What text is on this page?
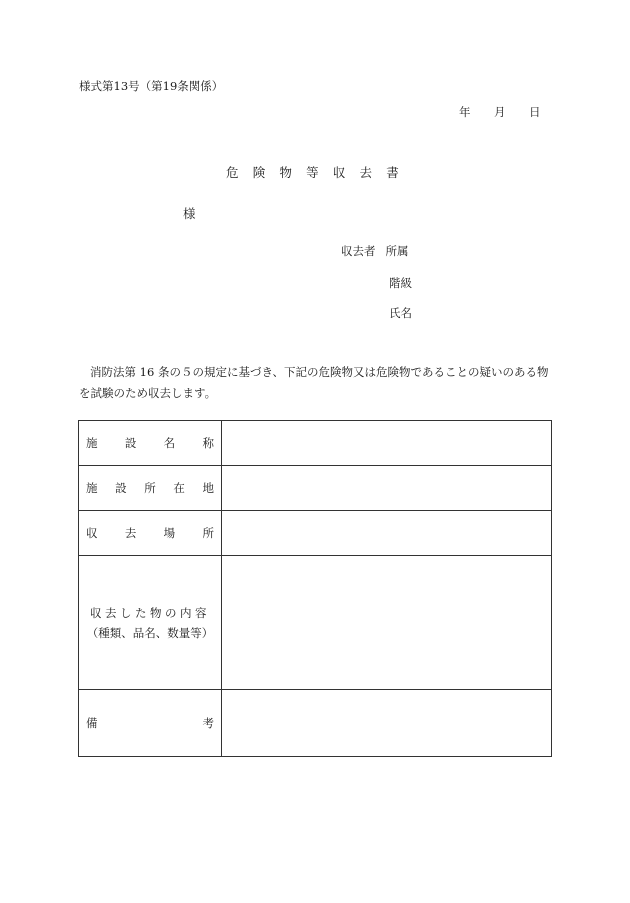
様式第13号（第19条関係）
年 月 日
危 険 物 等 収 去 書
様
収去者 所属
階級
氏名
消防法第 16 条の５の規定に基づき、下記の危険物又は危険物であることの疑いのある物を試験のため収去します。
施 設 名 称	

施 設 所 在 地	

収 去 場 所	

収去した物の内容
（種類、品名、数量等）	

備 考	
